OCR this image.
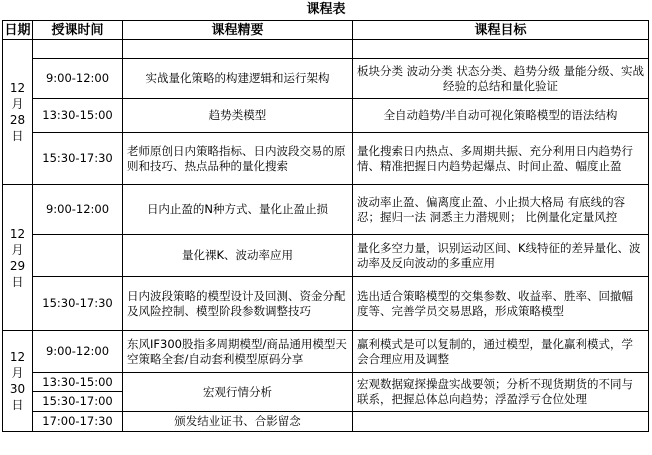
课程表
日期	授课时间	课程精要	课程目标
12
月
28
日			
	9:00-12:00	实战量化策略的构建逻辑和运行架构	板块分类 波动分类 状态分类、趋势分级 量能分级、实战经验的总结和量化验证
	13:30-15:00	趋势类模型	全自动趋势/半自动可视化策略模型的语法结构
	15:30-17:30	老师原创日内策略指标、日内波段交易的原则和技巧、热点品种的量化搜索	量化搜索日内热点、多周期共振、充分利用日内趋势行情、精准把握日内趋势起爆点、时间止盈、幅度止盈
12
月
29
日	9:00-12:00	日内止盈的N种方式、量化止盈止损	波动率止盈、偏离度止盈、小止损大格局 有底线的容忍；握归一法 洞悉主力潜规则； 比例量化定量风控
		量化裸K、波动率应用	量化多空力量，识别运动区间、K线特征的差异量化、波动率及反向波动的多重应用
	15:30-17:30	日内波段策略的模型设计及回测、资金分配及风险控制、模型阶段参数调整技巧	选出适合策略模型的交集参数、收益率、胜率、回撤幅度等、完善学员交易思路，形成策略模型
12
月
30
日	9:00-12:00	东风IF300股指多周期模型/商品通用模型天空策略全套/自动套利模型原码分享	赢利模式是可以复制的，通过模型，量化赢利模式，学会合理应用及调整
	13:30-15:00	宏观行情分析	宏观数据窥探操盘实战要领；分析不现货期货的不同与联系，把握总体总向趋势；浮盈浮亏仓位处理
	15:30-17:00		
	17:00-17:30	颁发结业证书、合影留念	
